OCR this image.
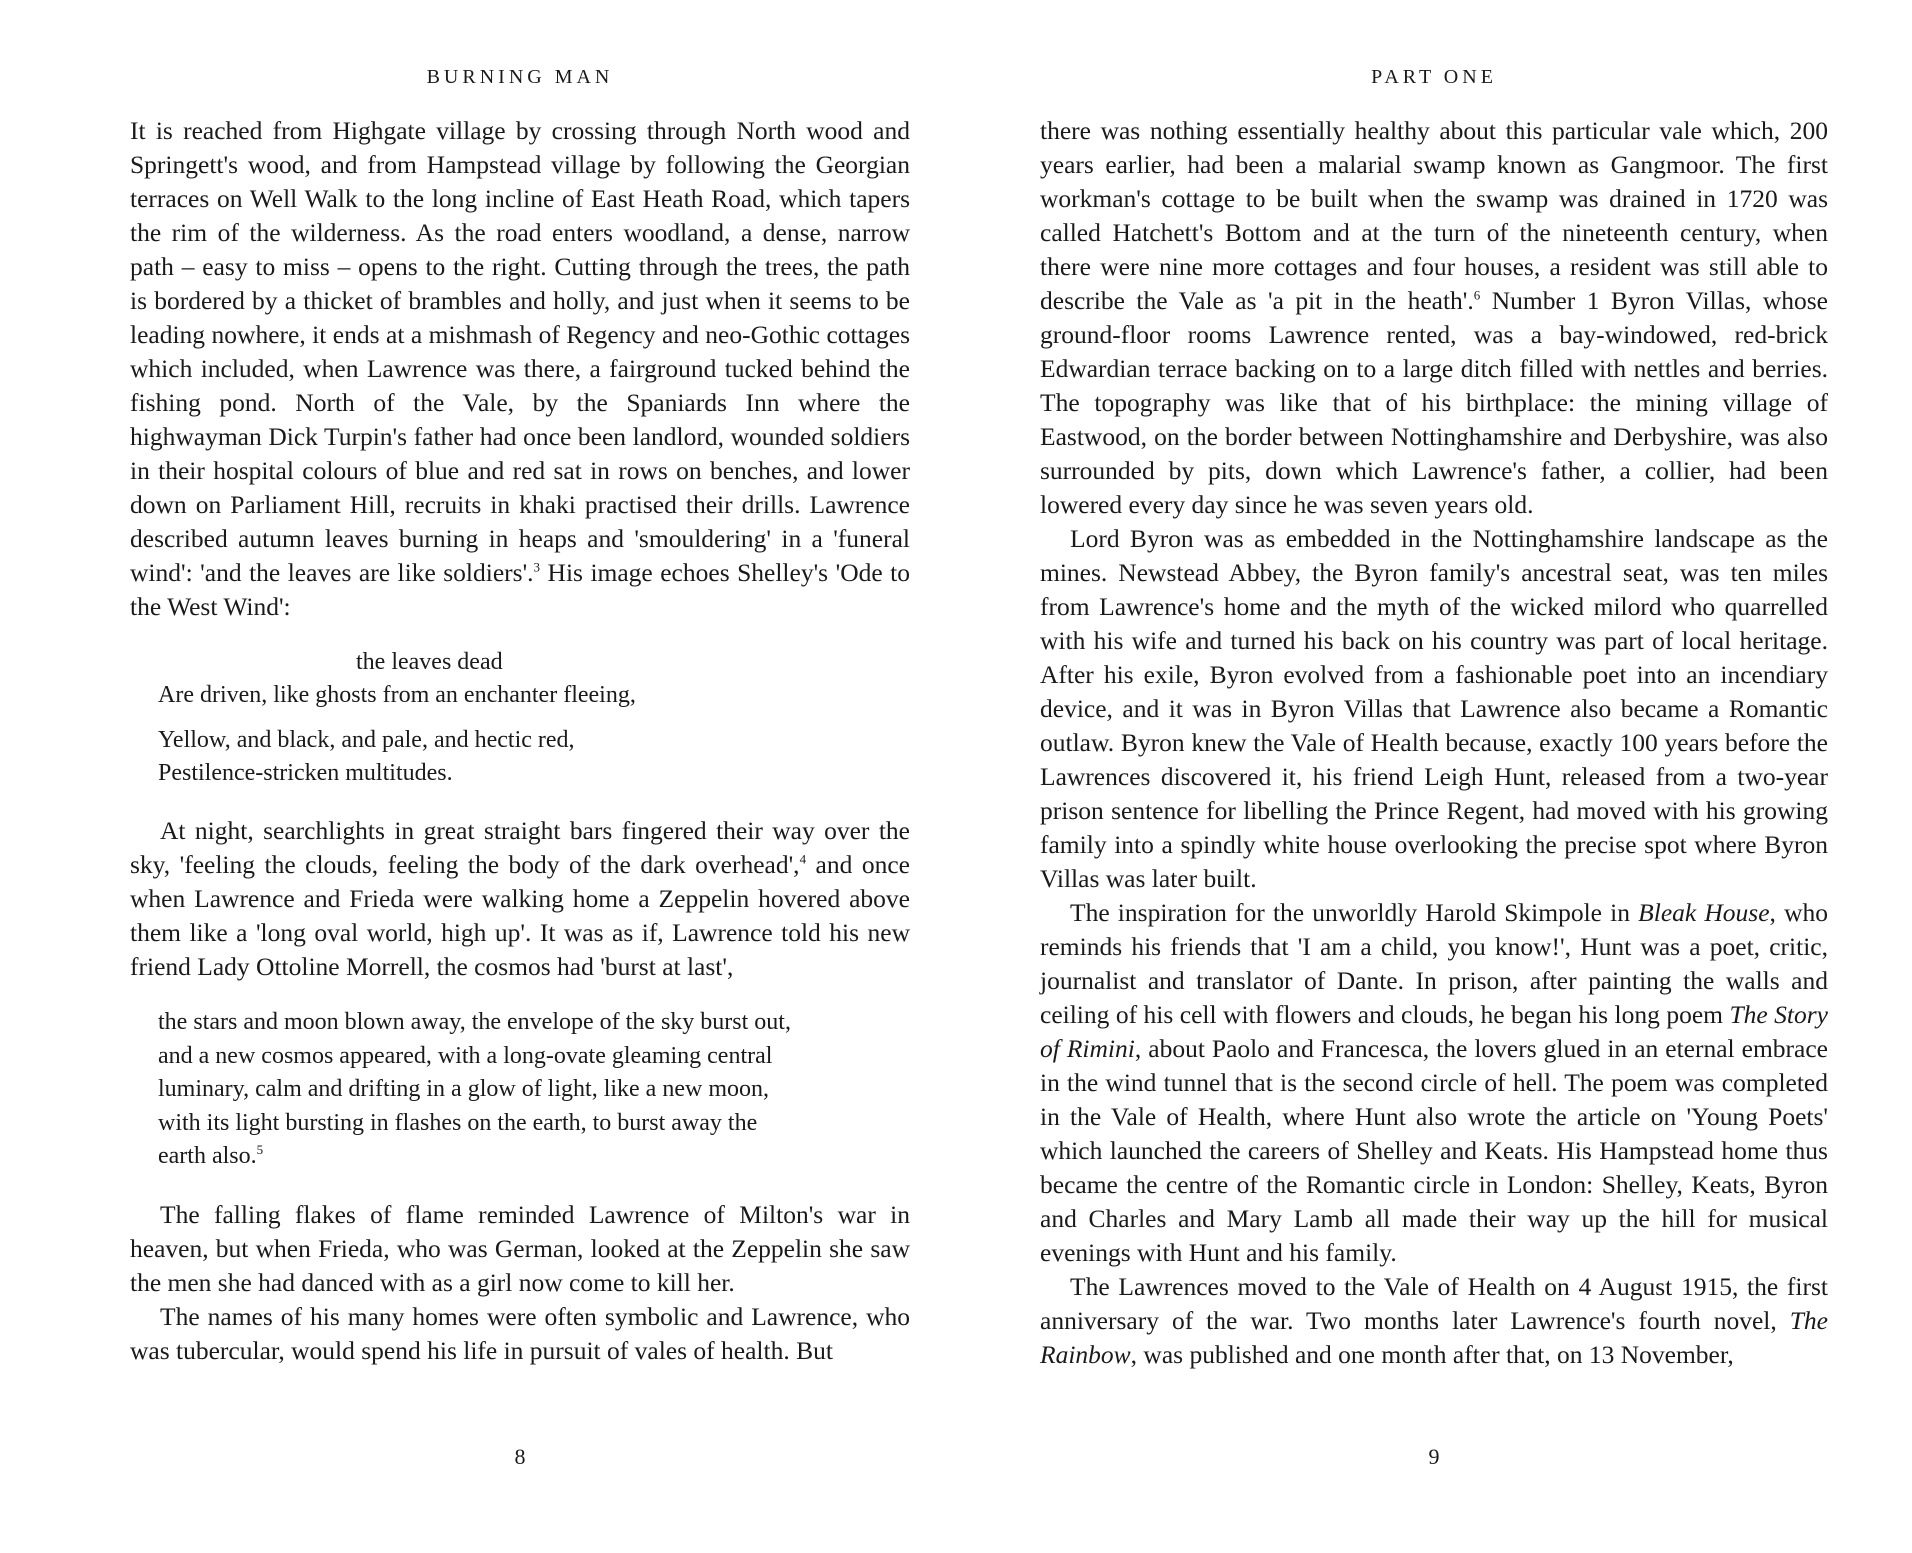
BURNING MAN

It is reached from Highgate village by crossing through North wood and Springett's wood, and from Hampstead village by following the Georgian terraces on Well Walk to the long incline of East Heath Road, which tapers the rim of the wilderness. As the road enters woodland, a dense, narrow path – easy to miss – opens to the right. Cutting through the trees, the path is bordered by a thicket of brambles and holly, and just when it seems to be leading nowhere, it ends at a mishmash of Regency and neo-Gothic cottages which included, when Lawrence was there, a fairground tucked behind the fishing pond. North of the Vale, by the Spaniards Inn where the highwayman Dick Turpin's father had once been landlord, wounded soldiers in their hospital colours of blue and red sat in rows on benches, and lower down on Parliament Hill, recruits in khaki practised their drills. Lawrence described autumn leaves burning in heaps and 'smouldering' in a 'funeral wind': 'and the leaves are like soldiers'.$^3$ His image echoes Shelley's 'Ode to the West Wind':

the leaves dead
Are driven, like ghosts from an enchanter fleeing,
Yellow, and black, and pale, and hectic red,
Pestilence-stricken multitudes.

At night, searchlights in great straight bars fingered their way over the sky, 'feeling the clouds, feeling the body of the dark overhead',$^4$ and once when Lawrence and Frieda were walking home a Zeppelin hovered above them like a 'long oval world, high up'. It was as if, Lawrence told his new friend Lady Ottoline Morrell, the cosmos had 'burst at last',

the stars and moon blown away, the envelope of the sky burst out,
and a new cosmos appeared, with a long-ovate gleaming central
luminary, calm and drifting in a glow of light, like a new moon,
with its light bursting in flashes on the earth, to burst away the
earth also.$^5$

The falling flakes of flame reminded Lawrence of Milton's war in heaven, but when Frieda, who was German, looked at the Zeppelin she saw the men she had danced with as a girl now come to kill her.

The names of his many homes were often symbolic and Lawrence, who was tubercular, would spend his life in pursuit of vales of health. But

8
PART ONE

there was nothing essentially healthy about this particular vale which, 200 years earlier, had been a malarial swamp known as Gangmoor. The first workman's cottage to be built when the swamp was drained in 1720 was called Hatchett's Bottom and at the turn of the nineteenth century, when there were nine more cottages and four houses, a resident was still able to describe the Vale as 'a pit in the heath'.$^6$ Number 1 Byron Villas, whose ground-floor rooms Lawrence rented, was a bay-windowed, red-brick Edwardian terrace backing on to a large ditch filled with nettles and berries. The topography was like that of his birthplace: the mining village of Eastwood, on the border between Nottinghamshire and Derbyshire, was also surrounded by pits, down which Lawrence's father, a collier, had been lowered every day since he was seven years old.

Lord Byron was as embedded in the Nottinghamshire landscape as the mines. Newstead Abbey, the Byron family's ancestral seat, was ten miles from Lawrence's home and the myth of the wicked milord who quarrelled with his wife and turned his back on his country was part of local heritage. After his exile, Byron evolved from a fashionable poet into an incendiary device, and it was in Byron Villas that Lawrence also became a Romantic outlaw. Byron knew the Vale of Health because, exactly 100 years before the Lawrences discovered it, his friend Leigh Hunt, released from a two-year prison sentence for libelling the Prince Regent, had moved with his growing family into a spindly white house overlooking the precise spot where Byron Villas was later built.

The inspiration for the unworldly Harold Skimpole in Bleak House, who reminds his friends that 'I am a child, you know!', Hunt was a poet, critic, journalist and translator of Dante. In prison, after painting the walls and ceiling of his cell with flowers and clouds, he began his long poem The Story of Rimini, about Paolo and Francesca, the lovers glued in an eternal embrace in the wind tunnel that is the second circle of hell. The poem was completed in the Vale of Health, where Hunt also wrote the article on 'Young Poets' which launched the careers of Shelley and Keats. His Hampstead home thus became the centre of the Romantic circle in London: Shelley, Keats, Byron and Charles and Mary Lamb all made their way up the hill for musical evenings with Hunt and his family.

The Lawrences moved to the Vale of Health on 4 August 1915, the first anniversary of the war. Two months later Lawrence's fourth novel, The Rainbow, was published and one month after that, on 13 November,

9
